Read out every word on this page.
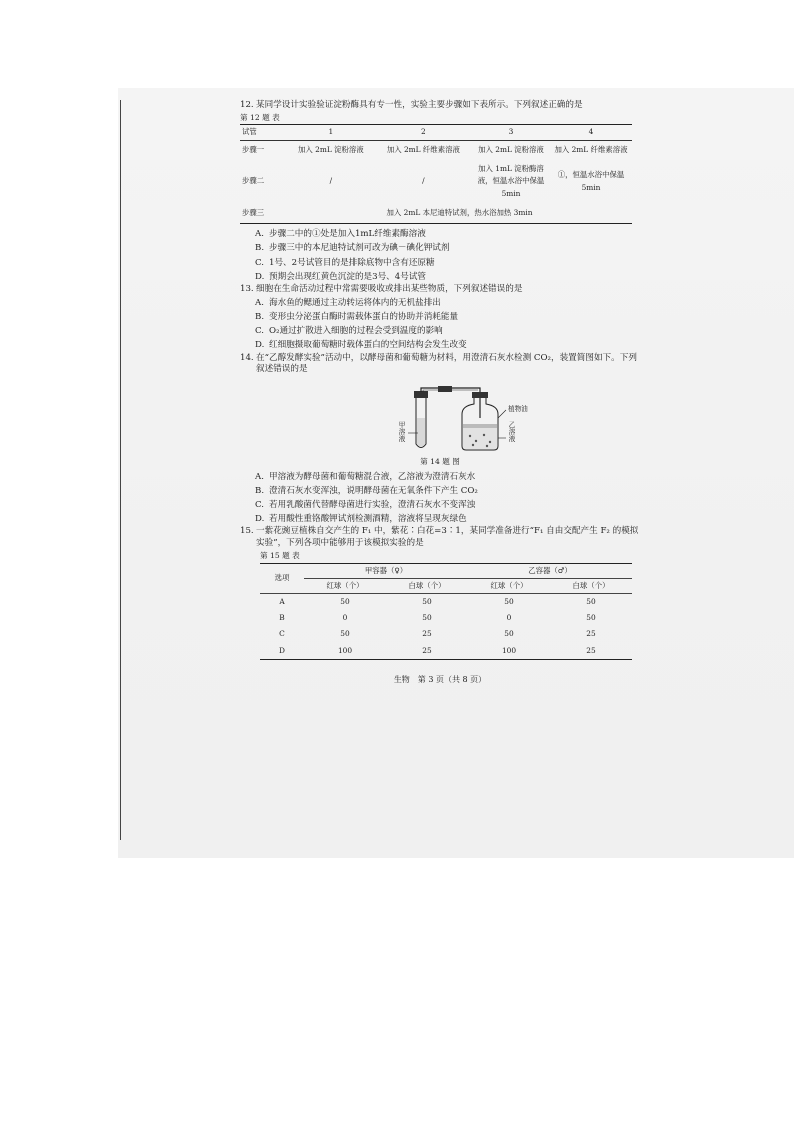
12. 某同学设计实验验证淀粉酶具有专一性，实验主要步骤如下表所示。下列叙述正确的是

第 12 题 表
试管	1	2	3	4
步骤一	加入 2mL 淀粉溶液	加入 2mL 纤维素溶液	加入 2mL 淀粉溶液	加入 2mL 纤维素溶液
步骤二	/	/	加入 1mL 淀粉酶溶液，恒温水浴中保温 5min	①，恒温水浴中保温 5min
步骤三	加入 2mL 本尼迪特试剂，热水浴加热 3min			

A. 步骤二中的①处是加入1mL纤维素酶溶液

B. 步骤三中的本尼迪特试剂可改为碘－碘化钾试剂

C. 1号、2号试管目的是排除底物中含有还原糖

D. 预期会出现红黄色沉淀的是3号、4号试管

13. 细胞在生命活动过程中常需要吸收或排出某些物质，下列叙述错误的是

A. 海水鱼的鳃通过主动转运将体内的无机盐排出

B. 变形虫分泌蛋白酶时需载体蛋白的协助并消耗能量

C. O₂通过扩散进入细胞的过程会受到温度的影响

D. 红细胞摄取葡萄糖时载体蛋白的空间结构会发生改变

14. 在“乙醇发酵实验”活动中，以酵母菌和葡萄糖为材料，用澄清石灰水检测 CO₂，装置简图如下。下列叙述错误的是

植物油
乙溶液
甲溶液
第 14 题 图

A. 甲溶液为酵母菌和葡萄糖混合液，乙溶液为澄清石灰水

B. 澄清石灰水变浑浊，说明酵母菌在无氧条件下产生 CO₂

C. 若用乳酸菌代替酵母菌进行实验，澄清石灰水不变浑浊

D. 若用酸性重铬酸钾试剂检测酒精，溶液将呈现灰绿色

15. 一紫花豌豆植株自交产生的 F₁ 中，紫花∶白花=3∶1，某同学准备进行“F₁ 自由交配产生 F₂ 的模拟实验”，下列各项中能够用于该模拟实验的是

第 15 题 表
选项	甲容器（♀）		乙容器（♂）	
	红球（个）	白球（个）	红球（个）	白球（个）
A	50	50	50	50
B	0	50	0	50
C	50	25	50	25
D	100	25	100	25
生物　第 3 页（共 8 页）
